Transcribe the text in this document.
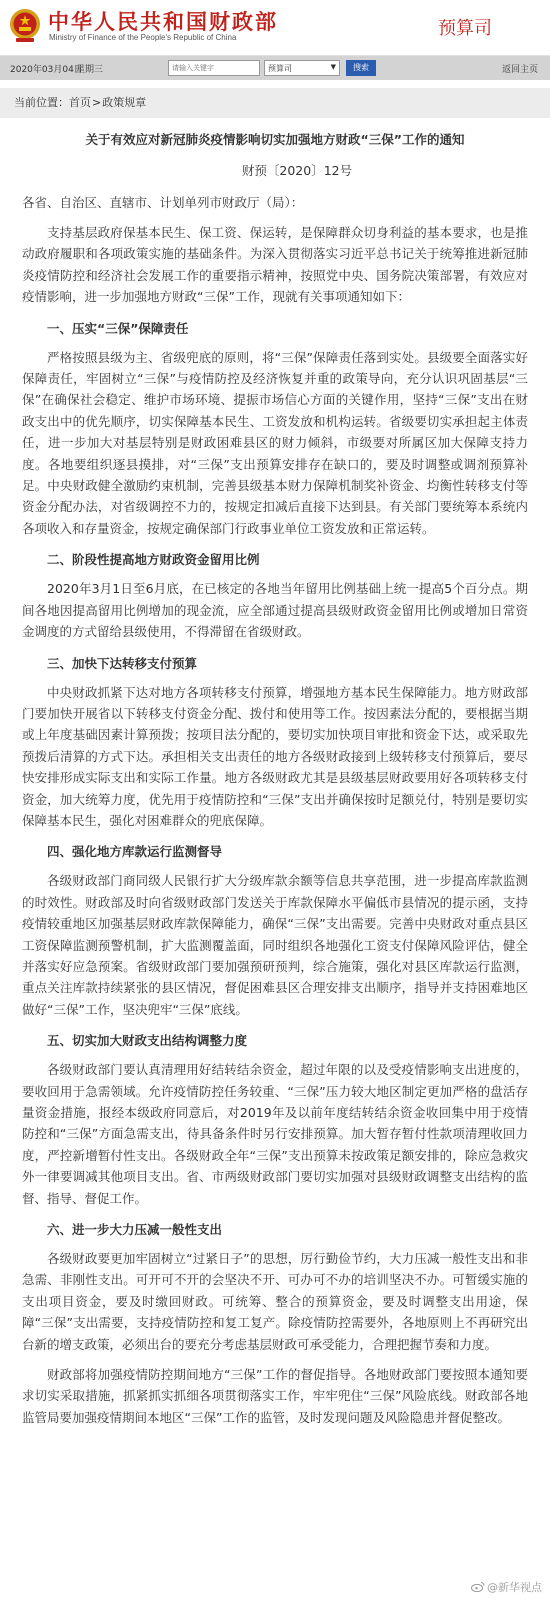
中华人民共和国财政部
Ministry of Finance of the People's Republic of China	预算司
2020年03月04日
星期三
请输入关键字	预算司	▼	搜索	返回主页
当前位置：首页>政策规章
关于有效应对新冠肺炎疫情影响切实加强地方财政“三保”工作的通知
财预〔2020〕12号
各省、自治区、直辖市、计划单列市财政厅（局）：

支持基层政府保基本民生、保工资、保运转，是保障群众切身利益的基本要求，也是推动政府履职和各项政策实施的基础条件。为深入贯彻落实习近平总书记关于统筹推进新冠肺炎疫情防控和经济社会发展工作的重要指示精神，按照党中央、国务院决策部署，有效应对疫情影响，进一步加强地方财政“三保”工作，现就有关事项通知如下：

一、压实“三保”保障责任

严格按照县级为主、省级兜底的原则，将“三保”保障责任落到实处。县级要全面落实好保障责任，牢固树立“三保”与疫情防控及经济恢复并重的政策导向，充分认识巩固基层“三保”在确保社会稳定、维护市场环境、提振市场信心方面的关键作用，坚持“三保”支出在财政支出中的优先顺序，切实保障基本民生、工资发放和机构运转。省级要切实承担起主体责任，进一步加大对基层特别是财政困难县区的财力倾斜，市级要对所属区加大保障支持力度。各地要组织逐县摸排，对“三保”支出预算安排存在缺口的，要及时调整或调剂预算补足。中央财政健全激励约束机制，完善县级基本财力保障机制奖补资金、均衡性转移支付等资金分配办法，对省级调控不力的，按规定扣减后直接下达到县。有关部门要统筹本系统内各项收入和存量资金，按规定确保部门行政事业单位工资发放和正常运转。

二、阶段性提高地方财政资金留用比例

2020年3月1日至6月底，在已核定的各地当年留用比例基础上统一提高5个百分点。期间各地因提高留用比例增加的现金流，应全部通过提高县级财政资金留用比例或增加日常资金调度的方式留给县级使用，不得滞留在省级财政。

三、加快下达转移支付预算

中央财政抓紧下达对地方各项转移支付预算，增强地方基本民生保障能力。地方财政部门要加快开展省以下转移支付资金分配、拨付和使用等工作。按因素法分配的，要根据当期或上年度基础因素计算预拨；按项目法分配的，要切实加快项目审批和资金下达，或采取先预拨后清算的方式下达。承担相关支出责任的地方各级财政接到上级转移支付预算后，要尽快安排形成实际支出和实际工作量。地方各级财政尤其是县级基层财政要用好各项转移支付资金，加大统筹力度，优先用于疫情防控和“三保”支出并确保按时足额兑付，特别是要切实保障基本民生，强化对困难群众的兜底保障。

四、强化地方库款运行监测督导

各级财政部门商同级人民银行扩大分级库款余额等信息共享范围，进一步提高库款监测的时效性。财政部及时向省级财政部门发送关于库款保障水平偏低市县情况的提示函，支持疫情较重地区加强基层财政库款保障能力，确保“三保”支出需要。完善中央财政对重点县区工资保障监测预警机制，扩大监测覆盖面，同时组织各地强化工资支付保障风险评估，健全并落实好应急预案。省级财政部门要加强预研预判，综合施策，强化对县区库款运行监测，重点关注库款持续紧张的县区情况，督促困难县区合理安排支出顺序，指导并支持困难地区做好“三保”工作，坚决兜牢“三保”底线。

五、切实加大财政支出结构调整力度

各级财政部门要认真清理用好结转结余资金，超过年限的以及受疫情影响支出进度的，要收回用于急需领域。允许疫情防控任务较重、“三保”压力较大地区制定更加严格的盘活存量资金措施，报经本级政府同意后，对2019年及以前年度结转结余资金收回集中用于疫情防控和“三保”方面急需支出，待具备条件时另行安排预算。加大暂存暂付性款项清理收回力度，严控新增暂付性支出。各级财政全年“三保”支出预算未按政策足额安排的，除应急救灾外一律要调减其他项目支出。省、市两级财政部门要切实加强对县级财政调整支出结构的监督、指导、督促工作。

六、进一步大力压减一般性支出

各级财政要更加牢固树立“过紧日子”的思想，厉行勤俭节约，大力压减一般性支出和非急需、非刚性支出。可开可不开的会坚决不开、可办可不办的培训坚决不办。可暂缓实施的支出项目资金，要及时缴回财政。可统筹、整合的预算资金，要及时调整支出用途，保障“三保”支出需要，支持疫情防控和复工复产。除疫情防控需要外，各地原则上不再研究出台新的增支政策，必须出台的要充分考虑基层财政可承受能力，合理把握节奏和力度。

财政部将加强疫情防控期间地方“三保”工作的督促指导。各地财政部门要按照本通知要求切实采取措施，抓紧抓实抓细各项贯彻落实工作，牢牢兜住“三保”风险底线。财政部各地监管局要加强疫情期间本地区“三保”工作的监管，及时发现问题及风险隐患并督促整改。

@新华视点
